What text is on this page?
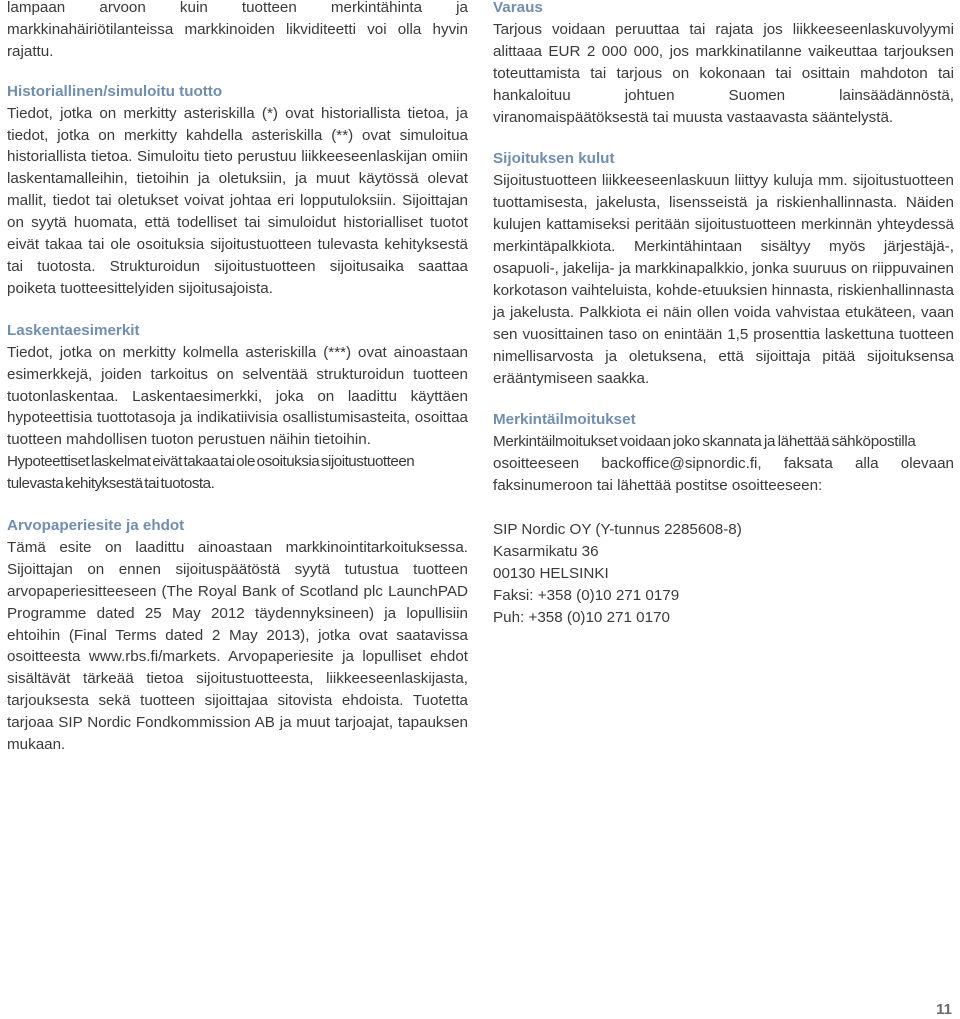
lampaan arvoon kuin tuotteen merkintähinta ja markkinahäiriötilanteissa markkinoiden likviditeetti voi olla hyvin rajattu.

Historiallinen/simuloitu tuotto

Tiedot, jotka on merkitty asteriskilla (*) ovat historiallista tietoa, ja tiedot, jotka on merkitty kahdella asteriskilla (**) ovat simuloitua historiallista tietoa. Simuloitu tieto perustuu liikkeeseenlaskijan omiin laskentamalleihin, tietoihin ja oletuksiin, ja muut käytössä olevat mallit, tiedot tai oletukset voivat johtaa eri lopputuloksiin. Sijoittajan on syytä huomata, että todelliset tai simuloidut historialliset tuotot eivät takaa tai ole osoituksia sijoitustuotteen tulevasta kehityksestä tai tuotosta. Strukturoidun sijoitustuotteen sijoitusaika saattaa poiketa tuotteesittelyiden sijoitusajoista.

Laskentaesimerkit

Tiedot, jotka on merkitty kolmella asteriskilla (***) ovat ainoastaan esimerkkejä, joiden tarkoitus on selventää strukturoidun tuotteen tuotonlaskentaa. Laskentaesimerkki, joka on laadittu käyttäen hypoteettisia tuottotasoja ja indikatiivisia osallistumisasteita, osoittaa tuotteen mahdollisen tuoton perustuen näihin tietoihin.

Hypoteettiset laskelmat eivät takaa tai ole osoituksia sijoitustuotteen tulevasta kehityksestä tai tuotosta.

Arvopaperiesite ja ehdot

Tämä esite on laadittu ainoastaan markkinointitarkoituksessa. Sijoittajan on ennen sijoituspäätöstä syytä tutustua tuotteen arvopaperiesitteeseen (The Royal Bank of Scotland plc LaunchPAD Programme dated 25 May 2012 täydennyksineen) ja lopullisiin ehtoihin (Final Terms dated 2 May 2013), jotka ovat saatavissa osoitteesta www.rbs.fi/markets. Arvopaperiesite ja lopulliset ehdot sisältävät tärkeää tietoa sijoitustuotteesta, liikkeeseenlaskijasta, tarjouksesta sekä tuotteen sijoittajaa sitovista ehdoista. Tuotetta tarjoaa SIP Nordic Fondkommission AB ja muut tarjoajat, tapauksen mukaan.

Varaus

Tarjous voidaan peruuttaa tai rajata jos liikkeeseenlaskuvolyymi alittaaa EUR 2 000 000, jos markkinatilanne vaikeuttaa tarjouksen toteuttamista tai tarjous on kokonaan tai osittain mahdoton tai hankaloituu johtuen Suomen lainsäädännöstä, viranomaispäätöksestä tai muusta vastaavasta sääntelystä.

Sijoituksen kulut

Sijoitustuotteen liikkeeseenlaskuun liittyy kuluja mm. sijoitustuotteen tuottamisesta, jakelusta, lisensseistä ja riskienhallinnasta. Näiden kulujen kattamiseksi peritään sijoitustuotteen merkinnän yhteydessä merkintäpalkkiota. Merkintähintaan sisältyy myös järjestäjä-, osapuoli-, jakelija- ja markkinapalkkio, jonka suuruus on riippuvainen korkotason vaihteluista, kohde-etuuksien hinnasta, riskienhallinnasta ja jakelusta. Palkkiota ei näin ollen voida vahvistaa etukäteen, vaan sen vuosittainen taso on enintään 1,5 prosenttia laskettuna tuotteen nimellisarvosta ja oletuksena, että sijoittaja pitää sijoituksensa erääntymiseen saakka.

Merkintäilmoitukset

Merkintäilmoitukset voidaan joko skannata ja lähettää sähköpostilla

osoitteeseen backoffice@sipnordic.fi, faksata alla olevaan faksinumeroon tai lähettää postitse osoitteeseen:

SIP Nordic OY (Y-tunnus 2285608-8)

Kasarmikatu 36

00130 HELSINKI

Faksi: +358 (0)10 271 0179

Puh: +358 (0)10 271 0170

11
